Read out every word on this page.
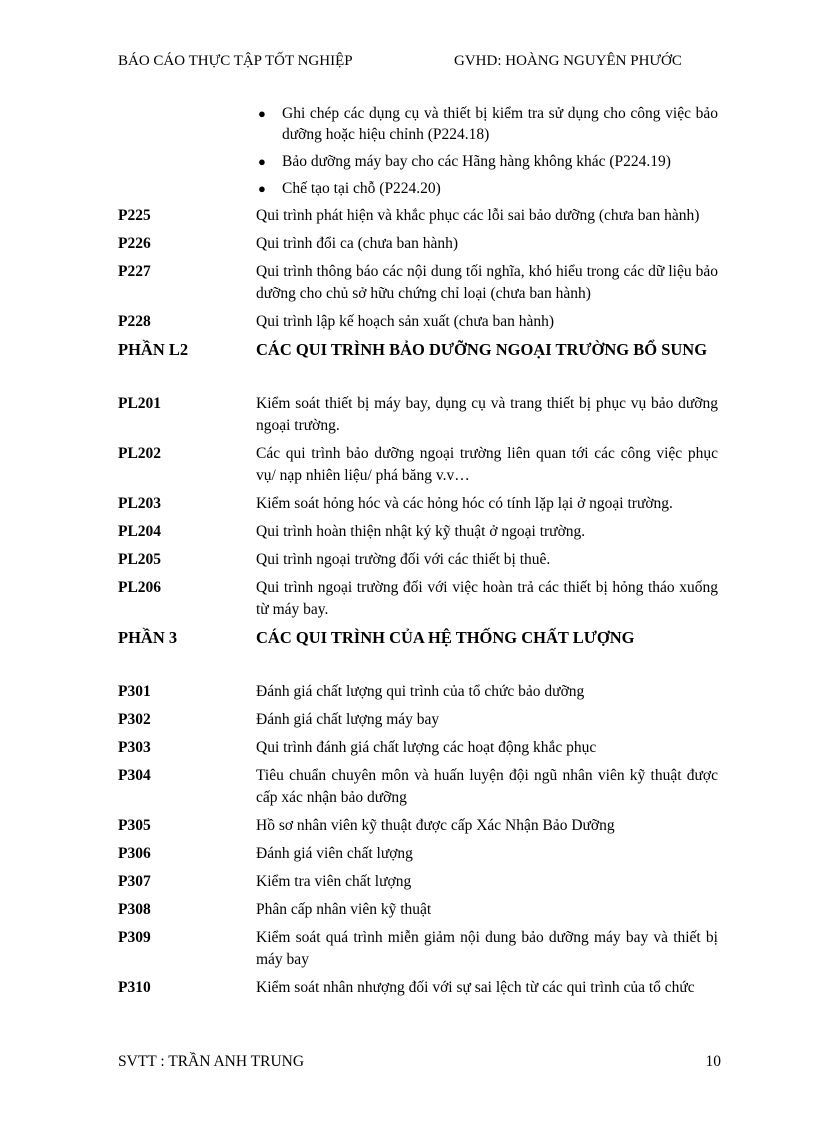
BÁO CÁO THỰC TẬP TỐT NGHIỆP	GVHD: HOÀNG NGUYÊN PHƯỚC
● Ghi chép các dụng cụ và thiết bị kiểm tra sử dụng cho công việc bảo dưỡng hoặc hiệu chỉnh (P224.18)
● Bảo dưỡng máy bay cho các Hãng hàng không khác (P224.19)
● Chế tạo tại chỗ (P224.20)
P225	Qui trình phát hiện và khắc phục các lỗi sai bảo dưỡng (chưa ban hành)
P226	Qui trình đổi ca (chưa ban hành)
P227	Qui trình thông báo các nội dung tối nghĩa, khó hiểu trong các dữ liệu bảo dưỡng cho chủ sở hữu chứng chỉ loại (chưa ban hành)
P228	Qui trình lập kế hoạch sản xuất (chưa ban hành)
PHẦN L2	CÁC QUI TRÌNH BẢO DƯỠNG NGOẠI TRƯỜNG BỔ SUNG
PL201	Kiểm soát thiết bị máy bay, dụng cụ và trang thiết bị phục vụ bảo dưỡng ngoại trường.
PL202	Các qui trình bảo dưỡng ngoại trường liên quan tới các công việc phục vụ/ nạp nhiên liệu/ phá băng v.v…
PL203	Kiểm soát hỏng hóc và các hỏng hóc có tính lặp lại ở ngoại trường.
PL204	Qui trình hoàn thiện nhật ký kỹ thuật ở ngoại trường.
PL205	Qui trình ngoại trường đối với các thiết bị thuê.
PL206	Qui trình ngoại trường đối với việc hoàn trả các thiết bị hỏng tháo xuống từ máy bay.
PHẦN 3	CÁC QUI TRÌNH CỦA HỆ THỐNG CHẤT LƯỢNG
P301	Đánh giá chất lượng qui trình của tổ chức bảo dưỡng
P302	Đánh giá chất lượng máy bay
P303	Qui trình đánh giá chất lượng các hoạt động khắc phục
P304	Tiêu chuẩn chuyên môn và huấn luyện đội ngũ nhân viên kỹ thuật được cấp xác nhận bảo dưỡng
P305	Hồ sơ nhân viên kỹ thuật được cấp Xác Nhận Bảo Dưỡng
P306	Đánh giá viên chất lượng
P307	Kiểm tra viên chất lượng
P308	Phân cấp nhân viên kỹ thuật
P309	Kiểm soát quá trình miễn giảm nội dung bảo dưỡng máy bay và thiết bị máy bay
P310	Kiểm soát nhân nhượng đối với sự sai lệch từ các qui trình của tổ chức
SVTT : TRẦN ANH TRUNG	10
